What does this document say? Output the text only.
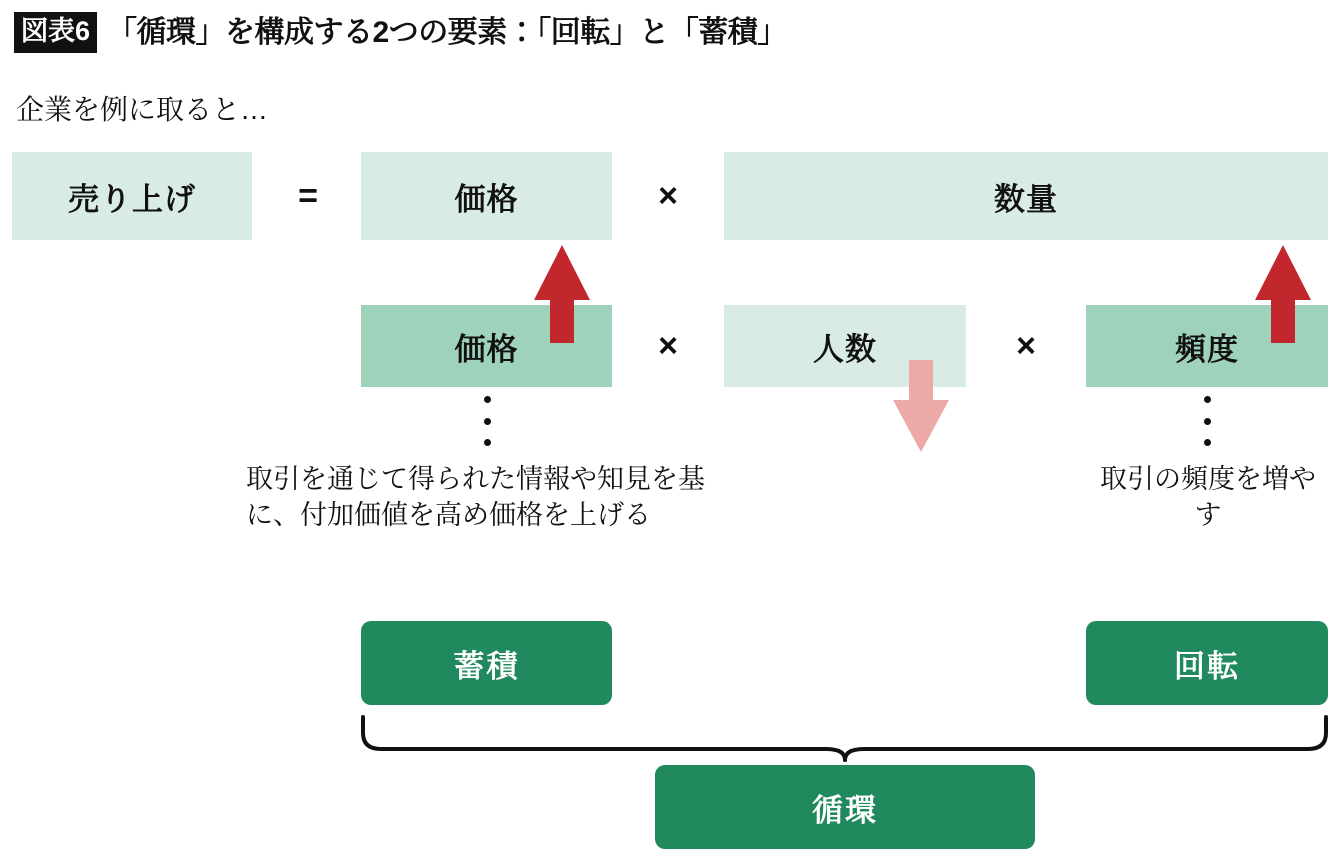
図表6 「循環」を構成する2つの要素：「回転」と「蓄積」
企業を例に取ると…
売り上げ	=	価格	×	数量
価格	×	人数	×	頻度
取引を通じて得られた情報や知見を基に、付加価値を高め価格を上げる
取引の頻度を増やす
蓄積	回転
循環
